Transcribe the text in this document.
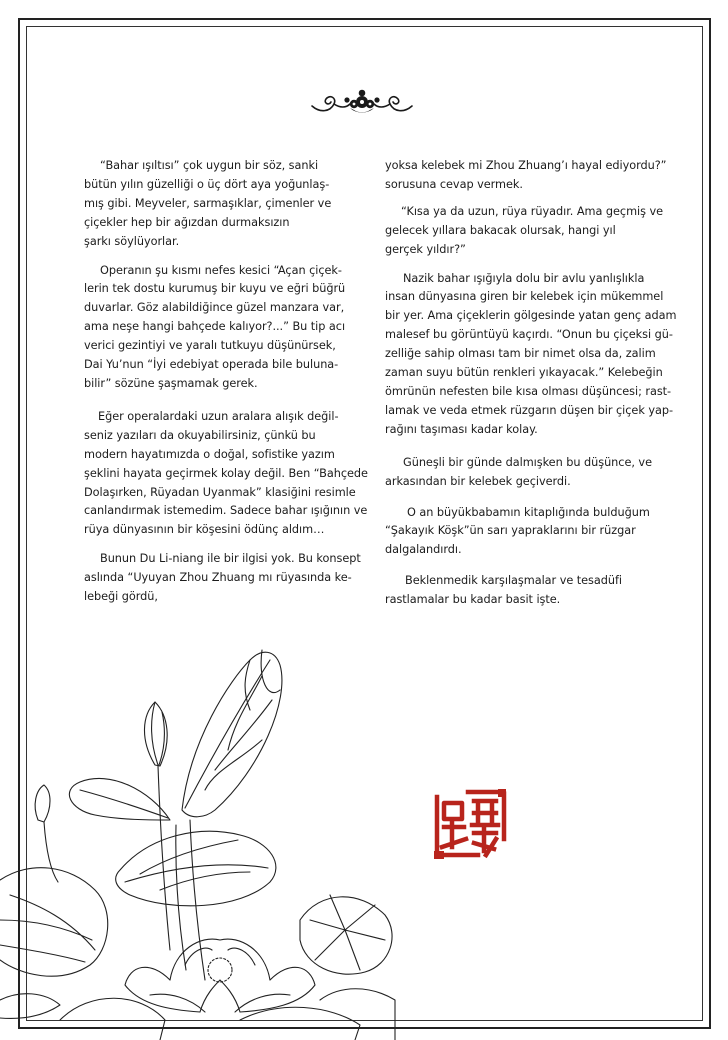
“Bahar ışıltısı” çok uygun bir söz, sanki
bütün yılın güzelliği o üç dört aya yoğunlaş-
mış gibi. Meyveler, sarmaşıklar, çimenler ve
çiçekler hep bir ağızdan durmaksızın
şarkı söylüyorlar.
Operanın şu kısmı nefes kesici “Açan çiçek-
lerin tek dostu kurumuş bir kuyu ve eğri büğrü
duvarlar. Göz alabildiğince güzel manzara var,
ama neşe hangi bahçede kalıyor?...” Bu tip acı
verici gezintiyi ve yaralı tutkuyu düşünürsek,
Dai Yu’nun “İyi edebiyat operada bile buluna-
bilir” sözüne şaşmamak gerek.
Eğer operalardaki uzun aralara alışık değil-
seniz yazıları da okuyabilirsiniz, çünkü bu
modern hayatımızda o doğal, sofistike yazım
şeklini hayata geçirmek kolay değil. Ben “Bahçede
Dolaşırken, Rüyadan Uyanmak” klasiğini resimle
canlandırmak istemedim. Sadece bahar ışığının ve
rüya dünyasının bir köşesini ödünç aldım…
Bunun Du Li-niang ile bir ilgisi yok. Bu konsept
aslında “Uyuyan Zhou Zhuang mı rüyasında ke-
lebeği gördü,
yoksa kelebek mi Zhou Zhuang’ı hayal ediyordu?”
sorusuna cevap vermek.
“Kısa ya da uzun, rüya rüyadır. Ama geçmiş ve
gelecek yıllara bakacak olursak, hangi yıl
gerçek yıldır?”
Nazik bahar ışığıyla dolu bir avlu yanlışlıkla
insan dünyasına giren bir kelebek için mükemmel
bir yer. Ama çiçeklerin gölgesinde yatan genç adam
malesef bu görüntüyü kaçırdı. “Onun bu çiçeksi gü-
zelliğe sahip olması tam bir nimet olsa da, zalim
zaman suyu bütün renkleri yıkayacak.” Kelebeğin
ömrünün nefesten bile kısa olması düşüncesi; rast-
lamak ve veda etmek rüzgarın düşen bir çiçek yap-
rağını taşıması kadar kolay.
Güneşli bir günde dalmışken bu düşünce, ve
arkasından bir kelebek geçiverdi.
O an büyükbabamın kitaplığında bulduğum
“Şakayık Köşk”ün sarı yapraklarını bir rüzgar
dalgalandırdı.
Beklenmedik karşılaşmalar ve tesadüfi
rastlamalar bu kadar basit işte.
